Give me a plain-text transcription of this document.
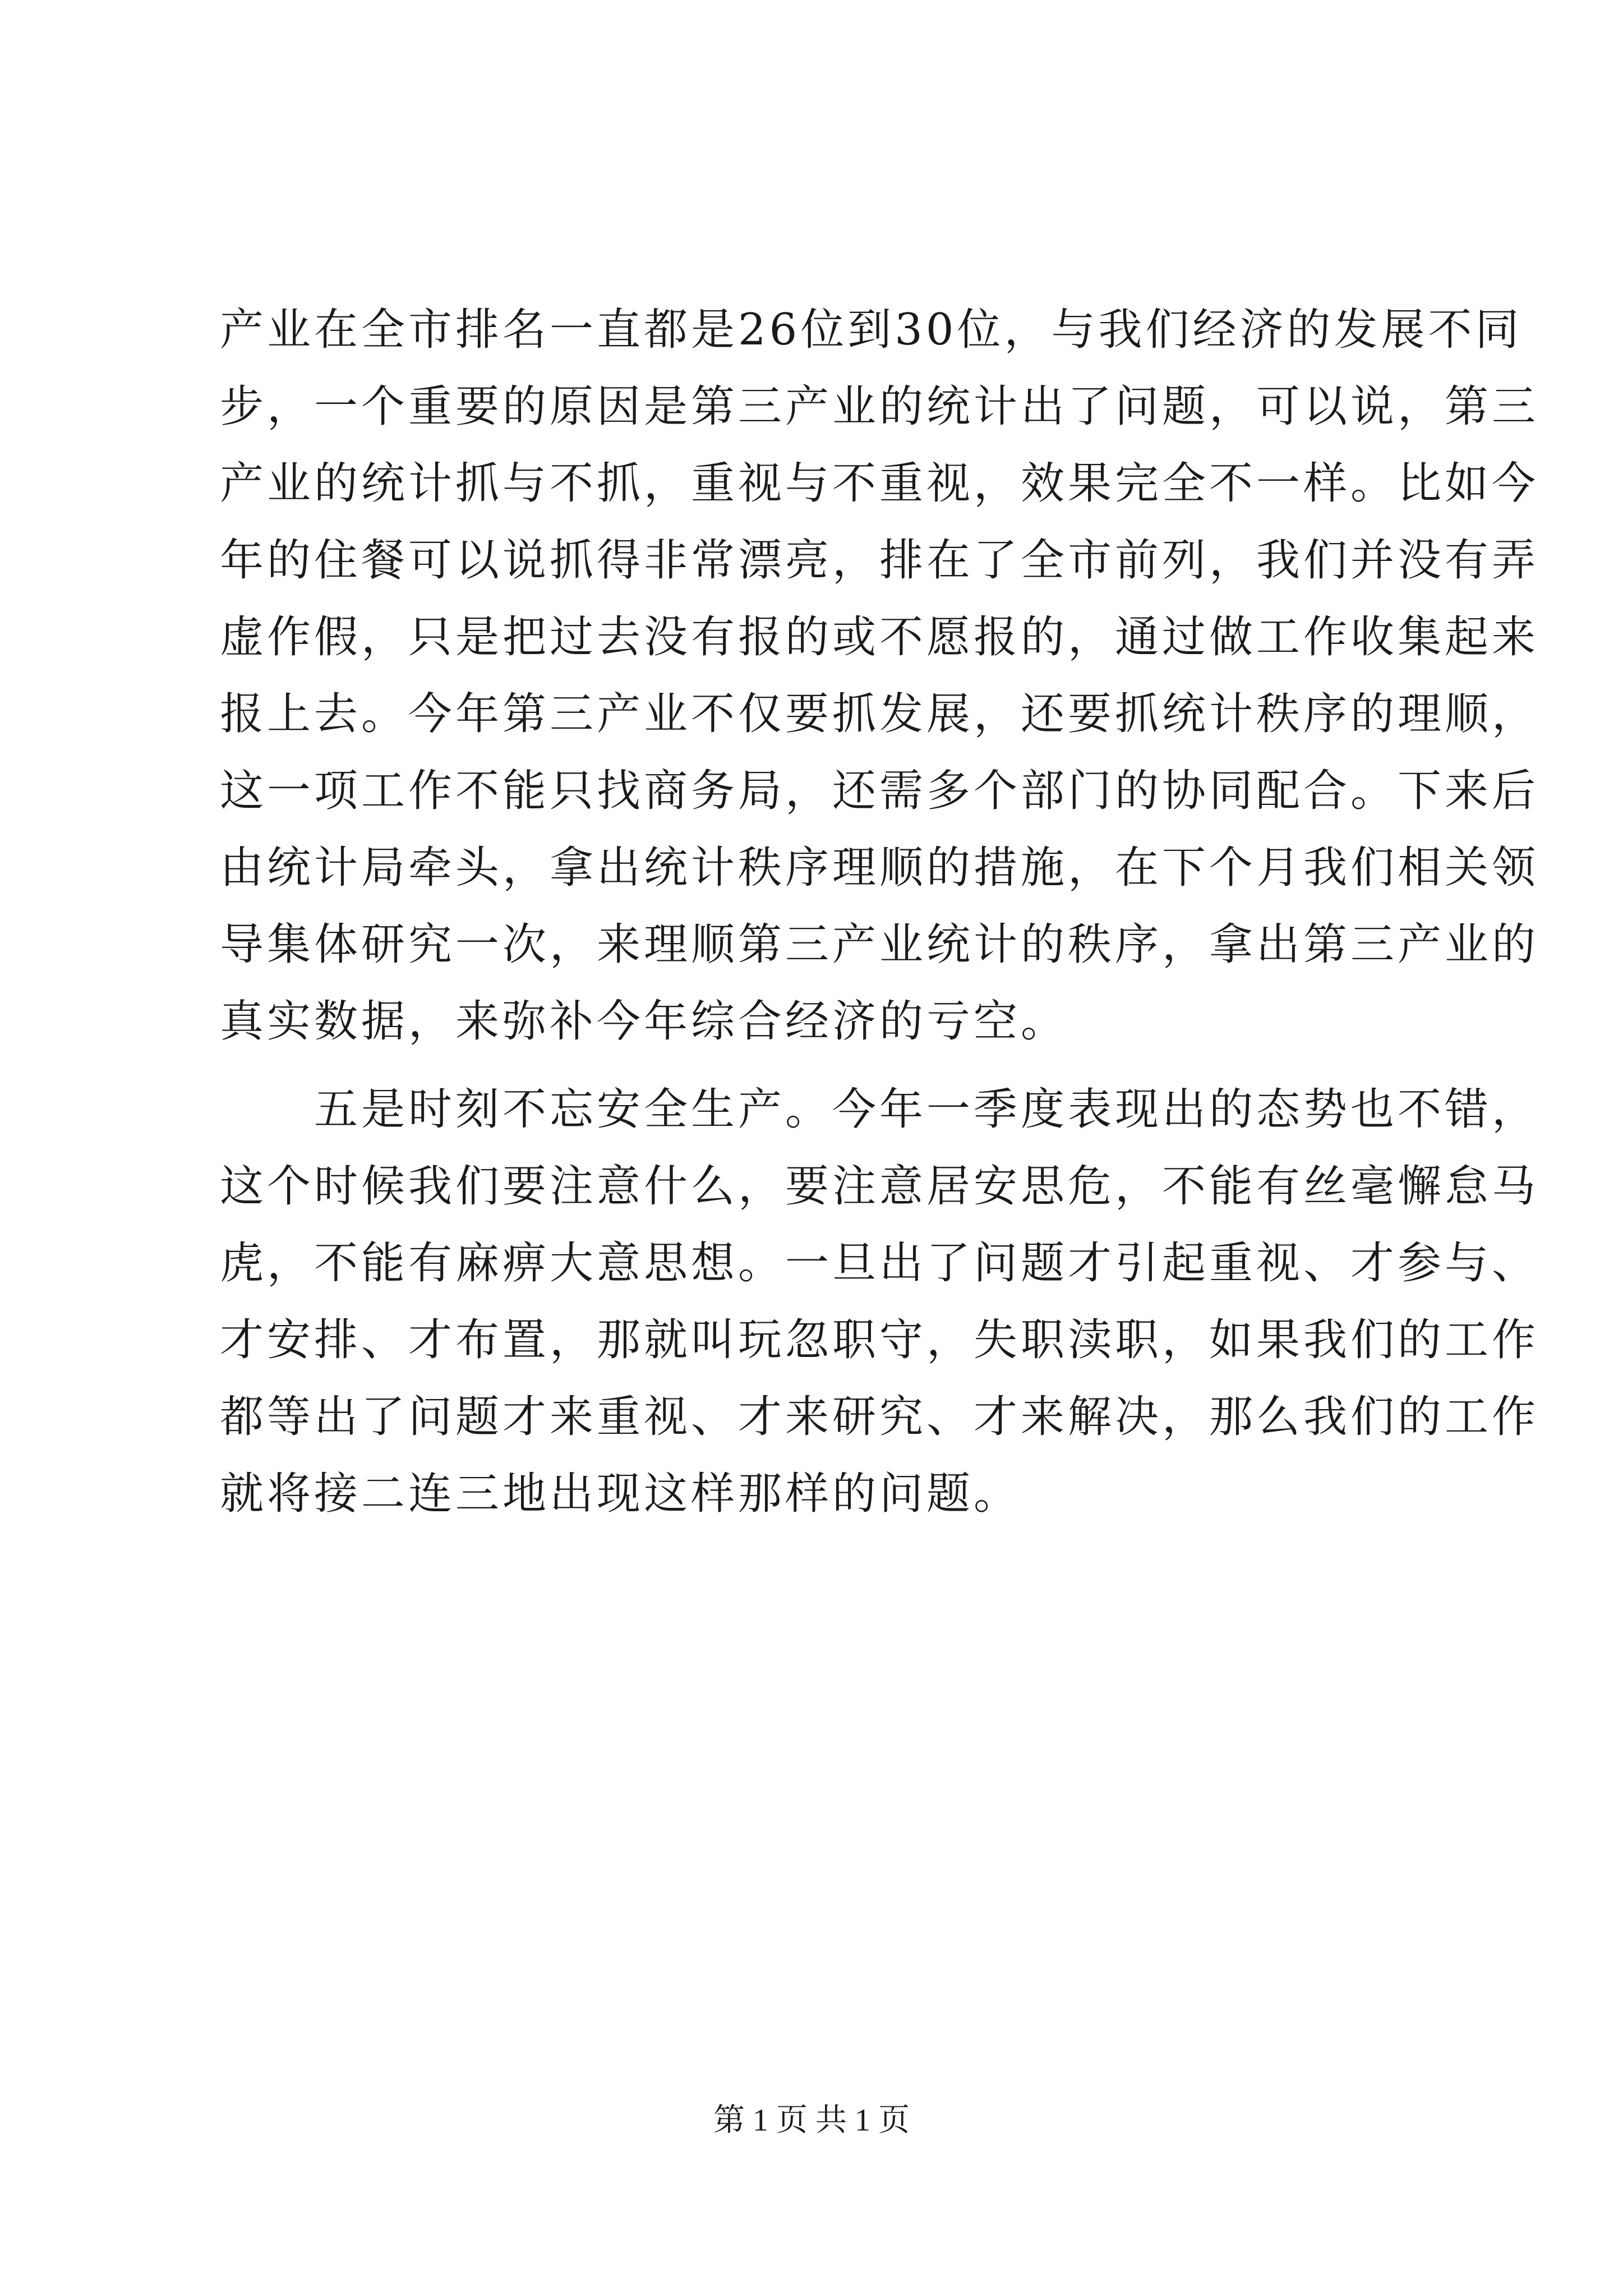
产业在全市排名一直都是26位到30位，与我们经济的发展不同
步，一个重要的原因是第三产业的统计出了问题，可以说，第三
产业的统计抓与不抓，重视与不重视，效果完全不一样。比如今
年的住餐可以说抓得非常漂亮，排在了全市前列，我们并没有弄
虚作假，只是把过去没有报的或不愿报的，通过做工作收集起来
报上去。今年第三产业不仅要抓发展，还要抓统计秩序的理顺，
这一项工作不能只找商务局，还需多个部门的协同配合。下来后
由统计局牵头，拿出统计秩序理顺的措施，在下个月我们相关领
导集体研究一次，来理顺第三产业统计的秩序，拿出第三产业的
真实数据，来弥补今年综合经济的亏空。
　　五是时刻不忘安全生产。今年一季度表现出的态势也不错，
这个时候我们要注意什么，要注意居安思危，不能有丝毫懈怠马
虎，不能有麻痹大意思想。一旦出了问题才引起重视、才参与、
才安排、才布置，那就叫玩忽职守，失职渎职，如果我们的工作
都等出了问题才来重视、才来研究、才来解决，那么我们的工作
就将接二连三地出现这样那样的问题。
第 1 页 共 1 页
